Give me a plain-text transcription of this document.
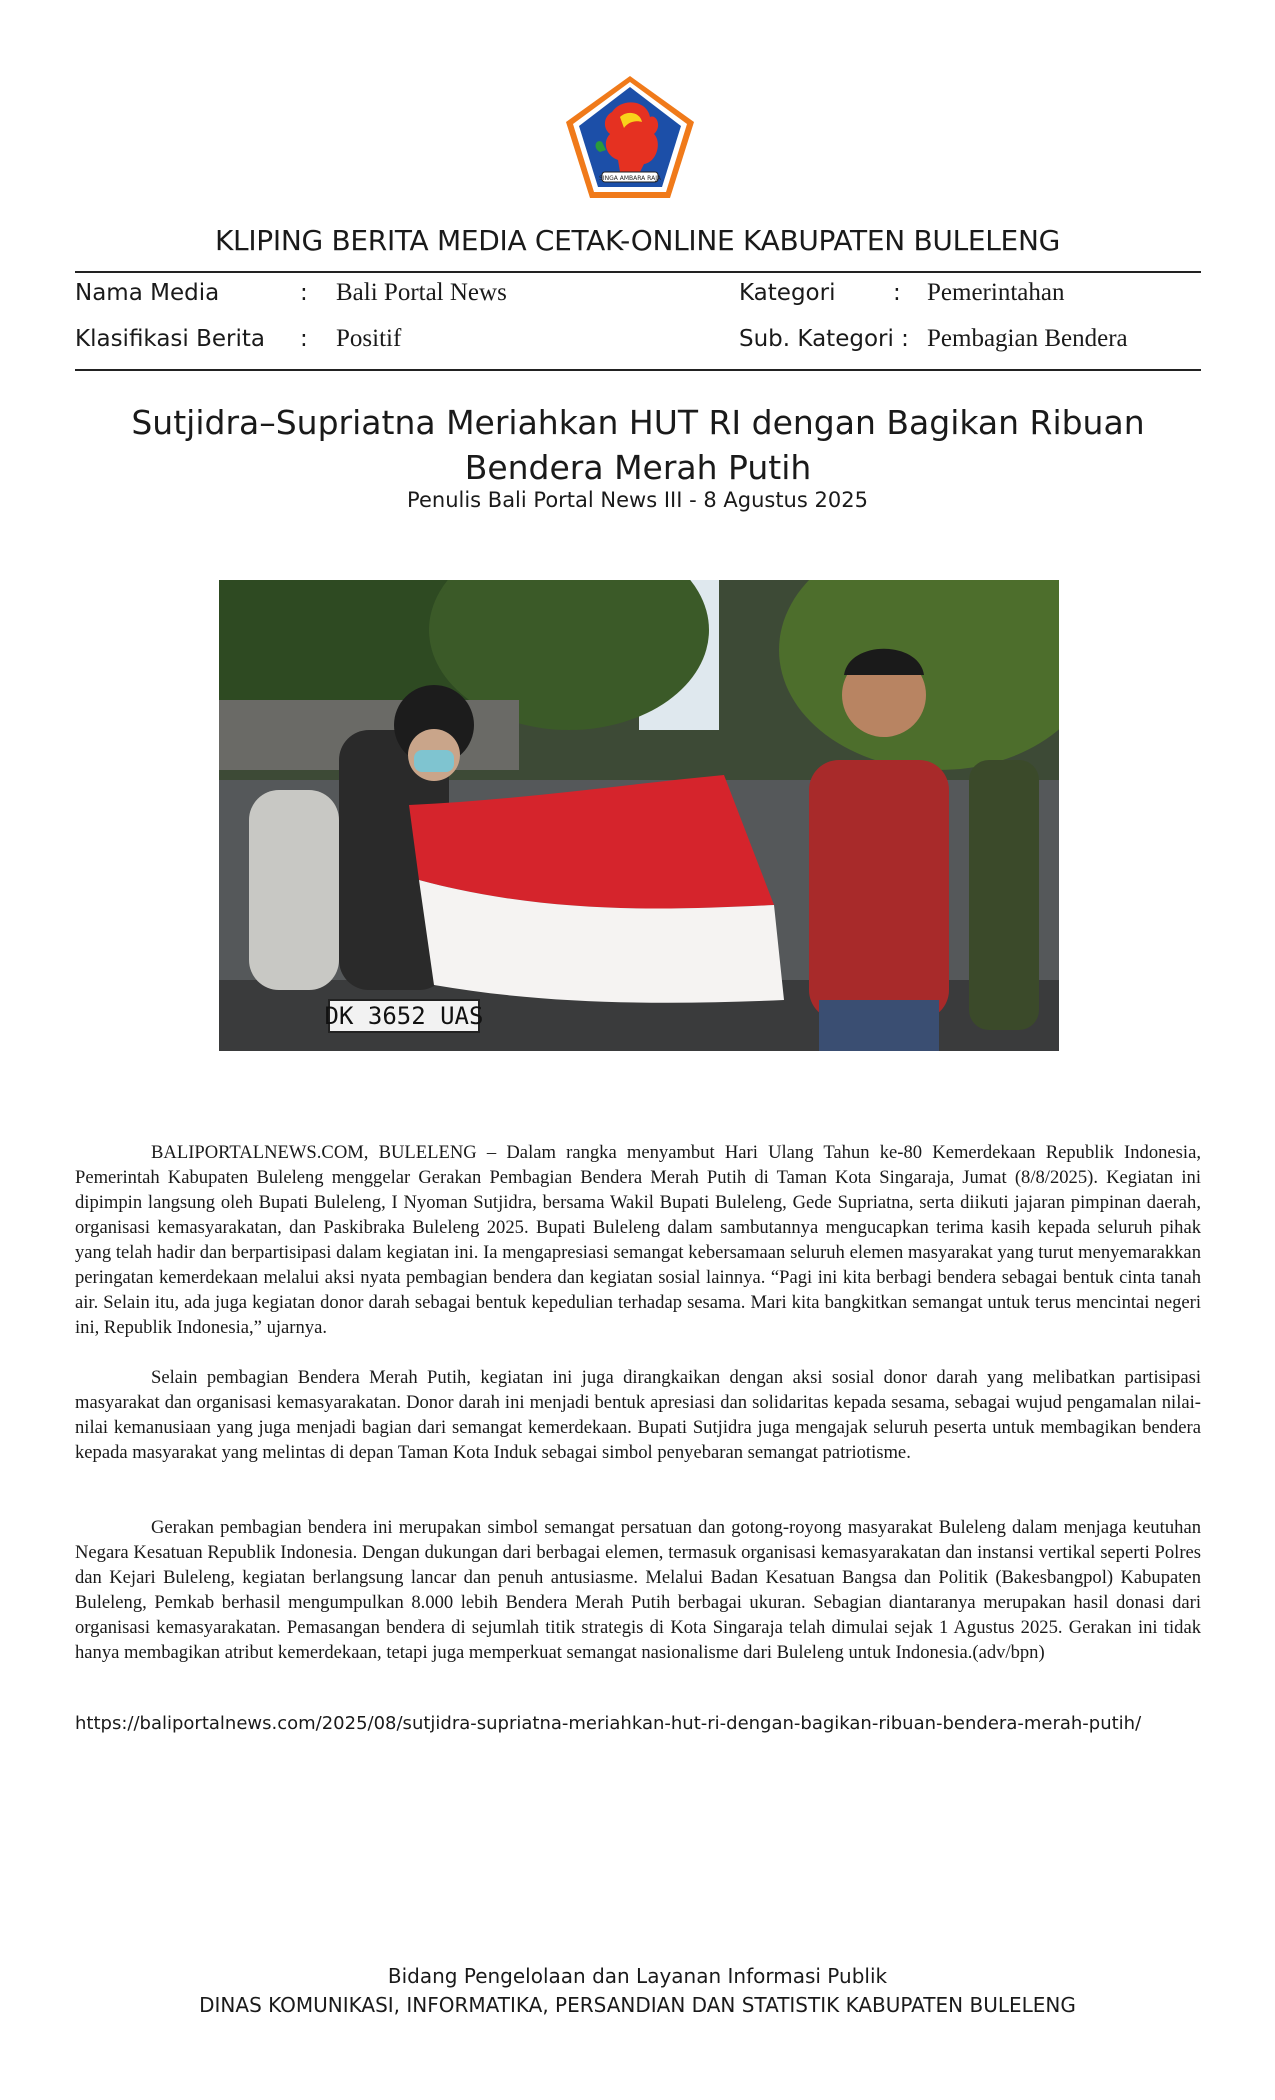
SINGA AMBARA RAJA
KLIPING BERITA MEDIA CETAK-ONLINE KABUPATEN BULELENG
Nama Media	: Bali Portal News	Kategori	: Pemerintahan
Klasifikasi Berita : Positif	Sub. Kategori : Pembagian Bendera
Sutjidra–Supriatna Meriahkan HUT RI dengan Bagikan Ribuan Bendera Merah Putih
Penulis Bali Portal News III - 8 Agustus 2025
DK 3652 UAS

BALIPORTALNEWS.COM, BULELENG – Dalam rangka menyambut Hari Ulang Tahun ke-80 Kemerdekaan Republik Indonesia, Pemerintah Kabupaten Buleleng menggelar Gerakan Pembagian Bendera Merah Putih di Taman Kota Singaraja, Jumat (8/8/2025). Kegiatan ini dipimpin langsung oleh Bupati Buleleng, I Nyoman Sutjidra, bersama Wakil Bupati Buleleng, Gede Supriatna, serta diikuti jajaran pimpinan daerah, organisasi kemasyarakatan, dan Paskibraka Buleleng 2025. Bupati Buleleng dalam sambutannya mengucapkan terima kasih kepada seluruh pihak yang telah hadir dan berpartisipasi dalam kegiatan ini. Ia mengapresiasi semangat kebersamaan seluruh elemen masyarakat yang turut menyemarakkan peringatan kemerdekaan melalui aksi nyata pembagian bendera dan kegiatan sosial lainnya. “Pagi ini kita berbagi bendera sebagai bentuk cinta tanah air. Selain itu, ada juga kegiatan donor darah sebagai bentuk kepedulian terhadap sesama. Mari kita bangkitkan semangat untuk terus mencintai negeri ini, Republik Indonesia,” ujarnya.

Selain pembagian Bendera Merah Putih, kegiatan ini juga dirangkaikan dengan aksi sosial donor darah yang melibatkan partisipasi masyarakat dan organisasi kemasyarakatan. Donor darah ini menjadi bentuk apresiasi dan solidaritas kepada sesama, sebagai wujud pengamalan nilai-nilai kemanusiaan yang juga menjadi bagian dari semangat kemerdekaan. Bupati Sutjidra juga mengajak seluruh peserta untuk membagikan bendera kepada masyarakat yang melintas di depan Taman Kota Induk sebagai simbol penyebaran semangat patriotisme.

Gerakan pembagian bendera ini merupakan simbol semangat persatuan dan gotong-royong masyarakat Buleleng dalam menjaga keutuhan Negara Kesatuan Republik Indonesia. Dengan dukungan dari berbagai elemen, termasuk organisasi kemasyarakatan dan instansi vertikal seperti Polres dan Kejari Buleleng, kegiatan berlangsung lancar dan penuh antusiasme. Melalui Badan Kesatuan Bangsa dan Politik (Bakesbangpol) Kabupaten Buleleng, Pemkab berhasil mengumpulkan 8.000 lebih Bendera Merah Putih berbagai ukuran. Sebagian diantaranya merupakan hasil donasi dari organisasi kemasyarakatan. Pemasangan bendera di sejumlah titik strategis di Kota Singaraja telah dimulai sejak 1 Agustus 2025. Gerakan ini tidak hanya membagikan atribut kemerdekaan, tetapi juga memperkuat semangat nasionalisme dari Buleleng untuk Indonesia.(adv/bpn)

https://baliportalnews.com/2025/08/sutjidra-supriatna-meriahkan-hut-ri-dengan-bagikan-ribuan-bendera-merah-putih/
Bidang Pengelolaan dan Layanan Informasi Publik
DINAS KOMUNIKASI, INFORMATIKA, PERSANDIAN DAN STATISTIK KABUPATEN BULELENG
